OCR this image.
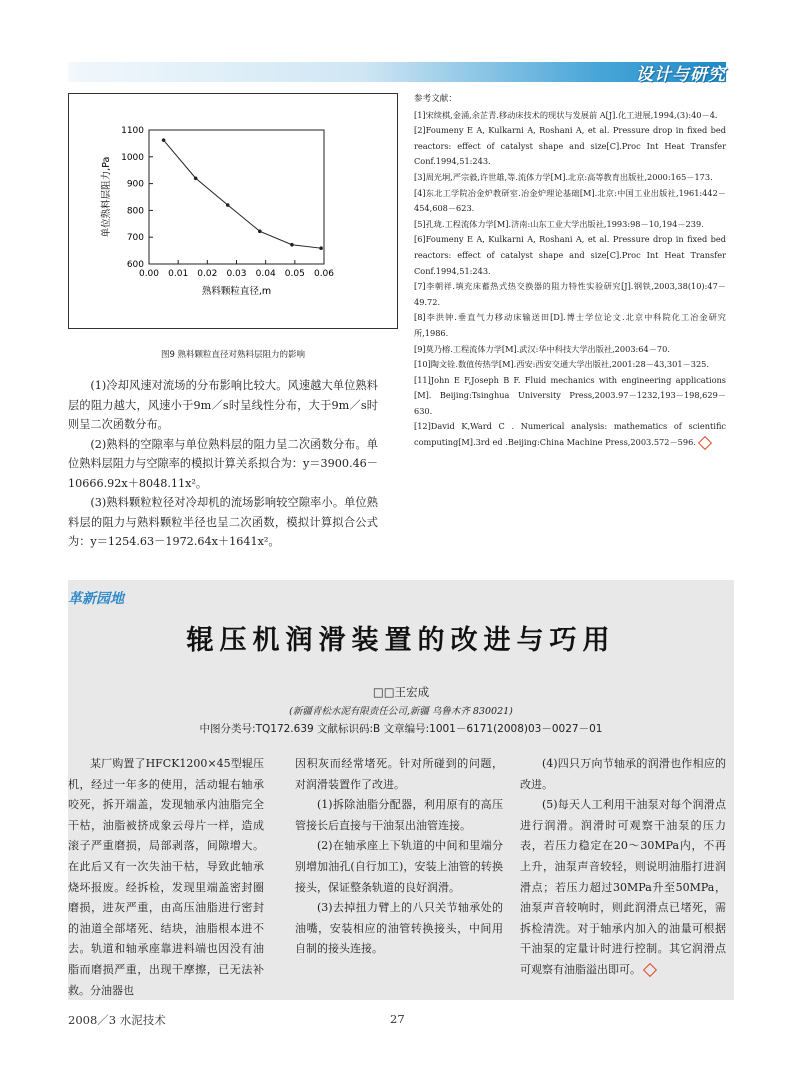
设计与研究
600
700
800
900
1000
1100
0.00 0.01 0.02 0.03 0.04 0.05 0.06
熟料颗粒直径,m
单位熟料层阻力,Pa
图9 熟料颗粒直径对熟料层阻力的影响

(1)冷却风速对流场的分布影响比较大。风速越大单位熟料层的阻力越大，风速小于9m／s时呈线性分布，大于9m／s时则呈二次函数分布。

(2)熟料的空隙率与单位熟料层的阻力呈二次函数分布。单位熟料层阻力与空隙率的模拟计算关系拟合为：y＝3900.46－10666.92x＋8048.11x²。

(3)熟料颗粒粒径对冷却机的流场影响较空隙率小。单位熟料层的阻力与熟料颗粒半径也呈二次函数，模拟计算拟合公式为：y＝1254.63－1972.64x＋1641x²。

参考文献：
[1]宋续棋,金涌,余芷青.移动床技术的现状与发展前 A[J].化工进展,1994,(3):40－4.
[2]Foumeny E A, Kulkarni A, Roshani A, et al. Pressure drop in fixed bed reactors: effect of catalyst shape and size[C].Proc Int Heat Transfer Conf.1994,51:243.
[3]周光坰,严宗毅,许世雄,等.流体力学[M].北京:高等教育出版社,2000:165－173.
[4]东北工学院冶金炉教研室.冶金炉理论基础[M].北京:中国工业出版社,1961:442－454,608－623.
[5]孔珑.工程流体力学[M].济南:山东工业大学出版社,1993:98－10,194－239.
[6]Foumeny E A, Kulkarni A, Roshani A, et al. Pressure drop in fixed bed reactors: effect of catalyst shape and size[C].Proc Int Heat Transfer Conf.1994,51:243.
[7]李朝祥.填充床蓄热式热交换器的阻力特性实验研究[J].钢铁,2003,38(10):47－49.72.
[8]李洪钟.垂直气力移动床输送田[D].博士学位论文.北京中科院化工冶金研究所,1986.
[9]莫乃榕.工程流体力学[M].武汉:华中科技大学出版社,2003:64－70.
[10]陶文铨.数值传热学[M].西安:西安交通大学出版社,2001:28－43,301－325.
[11]John E F,Joseph B F. Fluid mechanics with engineering applications [M]. Beijing:Tsinghua University Press,2003.97－1232,193－198,629－630.
[12]David K,Ward C . Numerical analysis: mathematics of scientific computing[M].3rd ed .Beijing:China Machine Press,2003.572－596.
革新园地
辊压机润滑装置的改进与巧用
□□王宏成
(新疆青松水泥有限责任公司,新疆 乌鲁木齐 830021)
中图分类号:TQ172.639 文献标识码:B 文章编号:1001－6171(2008)03－0027－01

某厂购置了HFCK1200×45型辊压机，经过一年多的使用，活动辊右轴承咬死，拆开端盖，发现轴承内油脂完全干枯，油脂被挤成象云母片一样，造成滚子严重磨损，局部剥落，间隙增大。在此后又有一次失油干枯，导致此轴承烧坏报废。经拆检，发现里端盖密封圈磨损，进灰严重，由高压油脂进行密封的油道全部堵死、结块，油脂根本进不去。轨道和轴承座靠进料端也因没有油脂而磨损严重，出现干摩擦，已无法补救。分油器也

因积灰而经常堵死。针对所碰到的问题，对润滑装置作了改进。

(1)拆除油脂分配器，利用原有的高压管接长后直接与干油泵出油管连接。

(2)在轴承座上下轨道的中间和里端分别增加油孔(自行加工)，安装上油管的转换接头，保证整条轨道的良好润滑。

(3)去掉扭力臂上的八只关节轴承处的油嘴，安装相应的油管转换接头，中间用自制的接头连接。

(4)四只万向节轴承的润滑也作相应的改进。

(5)每天人工利用干油泵对每个润滑点进行润滑。润滑时可观察干油泵的压力表，若压力稳定在20～30MPa内，不再上升，油泵声音较轻，则说明油脂打进润滑点；若压力超过30MPa升至50MPa，油泵声音较响时，则此润滑点已堵死，需拆检清洗。对于轴承内加入的油量可根据干油泵的定量计时进行控制。其它润滑点可观察有油脂溢出即可。

2008／3 水泥技术	27
